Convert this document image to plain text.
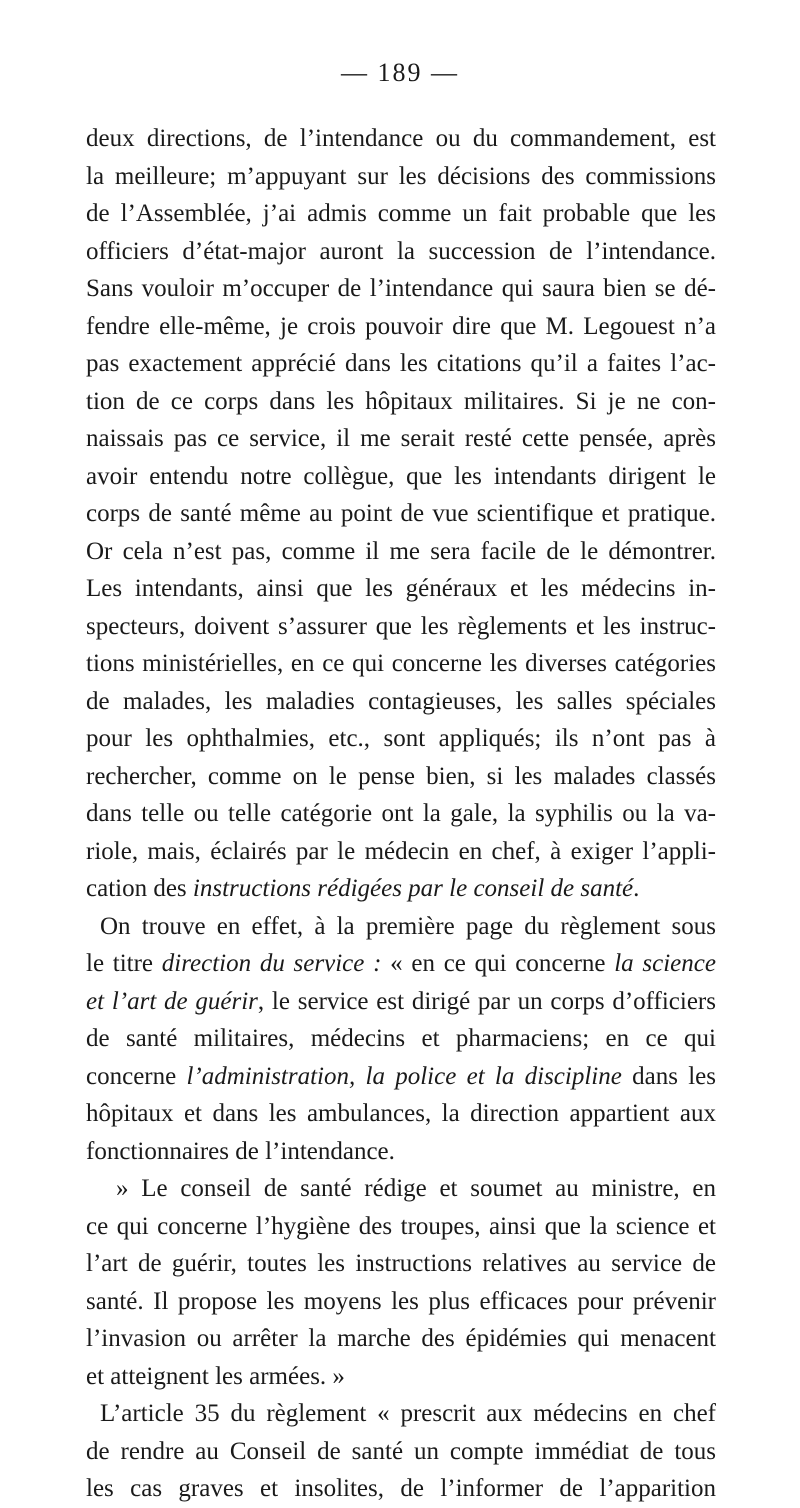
— 189 —
deux directions, de l’intendance ou du commandement, est
la meilleure; m’appuyant sur les décisions des commissions
de l’Assemblée, j’ai admis comme un fait probable que les
officiers d’état-major auront la succession de l’intendance.
Sans vouloir m’occuper de l’intendance qui saura bien se dé-
fendre elle-même, je crois pouvoir dire que M. Legouest n’a
pas exactement apprécié dans les citations qu’il a faites l’ac-
tion de ce corps dans les hôpitaux militaires. Si je ne con-
naissais pas ce service, il me serait resté cette pensée, après
avoir entendu notre collègue, que les intendants dirigent le
corps de santé même au point de vue scientifique et pratique.
Or cela n’est pas, comme il me sera facile de le démontrer.
Les intendants, ainsi que les généraux et les médecins in-
specteurs, doivent s’assurer que les règlements et les instruc-
tions ministérielles, en ce qui concerne les diverses catégories
de malades, les maladies contagieuses, les salles spéciales
pour les ophthalmies, etc., sont appliqués; ils n’ont pas à
rechercher, comme on le pense bien, si les malades classés
dans telle ou telle catégorie ont la gale, la syphilis ou la va-
riole, mais, éclairés par le médecin en chef, à exiger l’appli-
cation des instructions rédigées par le conseil de santé.
On trouve en effet, à la première page du règlement sous
le titre direction du service : « en ce qui concerne la science
et l’art de guérir, le service est dirigé par un corps d’officiers
de santé militaires, médecins et pharmaciens; en ce qui
concerne l’administration, la police et la discipline dans les
hôpitaux et dans les ambulances, la direction appartient aux
fonctionnaires de l’intendance.
» Le conseil de santé rédige et soumet au ministre, en
ce qui concerne l’hygiène des troupes, ainsi que la science et
l’art de guérir, toutes les instructions relatives au service de
santé. Il propose les moyens les plus efficaces pour prévenir
l’invasion ou arrêter la marche des épidémies qui menacent
et atteignent les armées. »
L’article 35 du règlement « prescrit aux médecins en chef
de rendre au Conseil de santé un compte immédiat de tous
les cas graves et insolites, de l’informer de l’apparition
